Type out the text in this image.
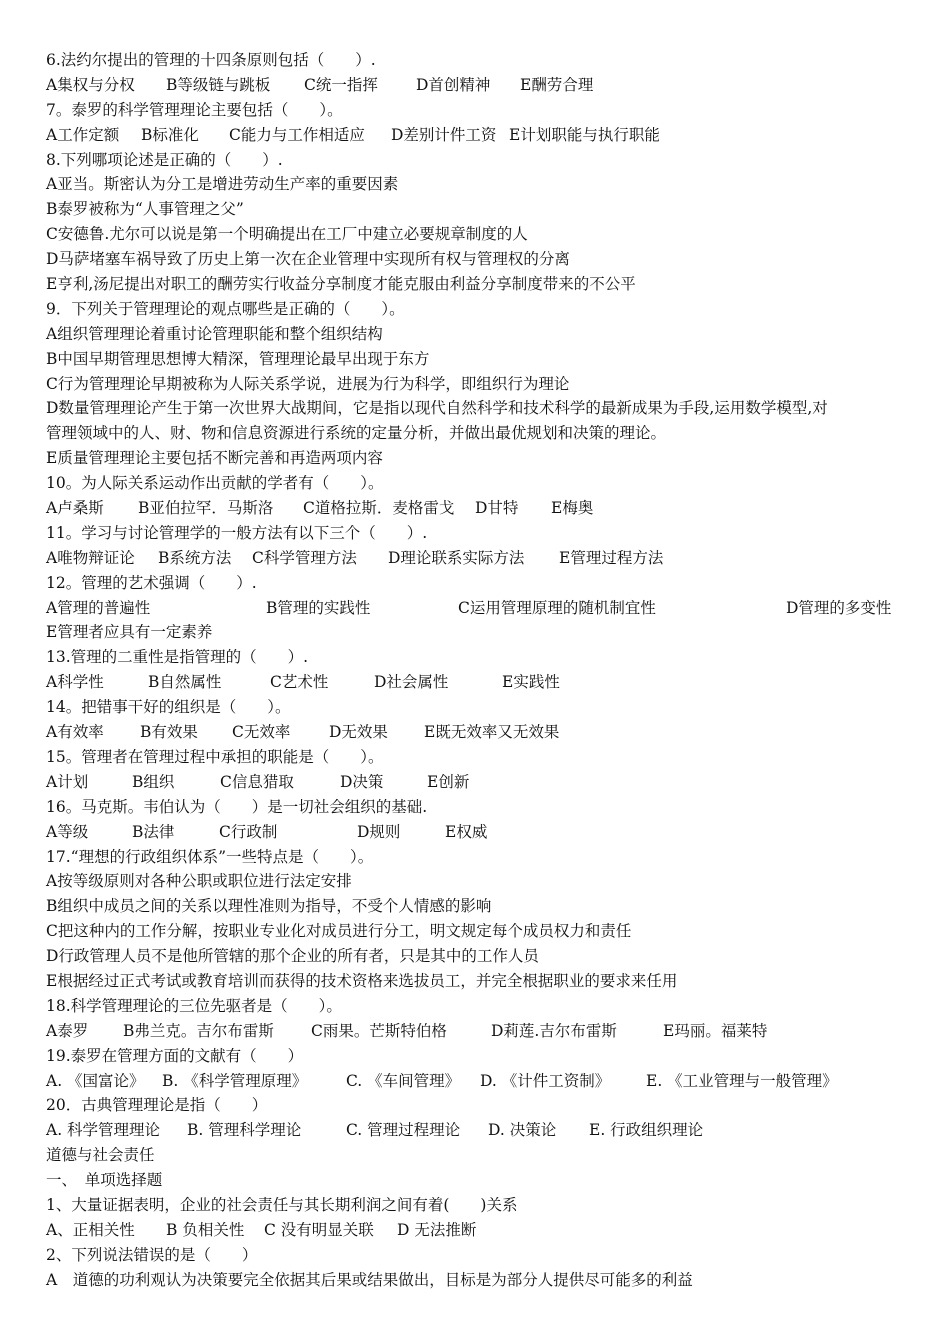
6.法约尔提出的管理的十四条原则包括（　　）.
A集权与分权	B等级链与跳板	C统一指挥	D首创精神	E酬劳合理
7。泰罗的科学管理理论主要包括（　　）。
A工作定额	B标准化	C能力与工作相适应	D差别计件工资 E计划职能与执行职能
8.下列哪项论述是正确的（　　）.
A亚当。斯密认为分工是增进劳动生产率的重要因素
B泰罗被称为“人事管理之父”
C安德鲁.尤尔可以说是第一个明确提出在工厂中建立必要规章制度的人
D马萨堵塞车祸导致了历史上第一次在企业管理中实现所有权与管理权的分离
E亨利,汤尼提出对职工的酬劳实行收益分享制度才能克服由利益分享制度带来的不公平
9．下列关于管理理论的观点哪些是正确的（　　）。
A组织管理理论着重讨论管理职能和整个组织结构
B中国早期管理思想博大精深，管理理论最早出现于东方
C行为管理理论早期被称为人际关系学说，进展为行为科学，即组织行为理论
D数量管理理论产生于第一次世界大战期间，它是指以现代自然科学和技术科学的最新成果为手段,运用数学模型,对
管理领域中的人、财、物和信息资源进行系统的定量分析，并做出最优规划和决策的理论。
E质量管理理论主要包括不断完善和再造两项内容
10。为人际关系运动作出贡献的学者有（　　）。
A卢桑斯	B亚伯拉罕．马斯洛	C道格拉斯．麦格雷戈	D甘特	E梅奥
11。学习与讨论管理学的一般方法有以下三个（　　）.
A唯物辩证论	B系统方法	C科学管理方法	D理论联系实际方法	E管理过程方法
12。管理的艺术强调（　　）.
A管理的普遍性	B管理的实践性	C运用管理原理的随机制宜性	D管理的多变性
E管理者应具有一定素养
13.管理的二重性是指管理的（　　）.
A科学性	B自然属性	C艺术性	D社会属性	E实践性
14。把错事干好的组织是（　　）。
A有效率	B有效果	C无效率	D无效果	E既无效率又无效果
15。管理者在管理过程中承担的职能是（　　）。
A计划	B组织	C信息猎取	D决策	E创新
16。马克斯。韦伯认为（　　）是一切社会组织的基础.
A等级	B法律	C行政制	D规则	E权威
17.“理想的行政组织体系”一些特点是（　　）。
A按等级原则对各种公职或职位进行法定安排
B组织中成员之间的关系以理性准则为指导，不受个人情感的影响
C把这种内的工作分解，按职业专业化对成员进行分工，明文规定每个成员权力和责任
D行政管理人员不是他所管辖的那个企业的所有者，只是其中的工作人员
E根据经过正式考试或教育培训而获得的技术资格来选拔员工，并完全根据职业的要求来任用
18.科学管理理论的三位先驱者是（　　）。
A泰罗	B弗兰克。吉尔布雷斯	C雨果。芒斯特伯格	D莉莲.吉尔布雷斯	E玛丽。福莱特
19.泰罗在管理方面的文献有（　　）
A. 《国富论》	B. 《科学管理原理》	C. 《车间管理》	D. 《计件工资制》	E. 《工业管理与一般管理》
20．古典管理理论是指（　　）
A. 科学管理理论	B. 管理科学理论	C. 管理过程理论	D. 决策论	E. 行政组织理论
道德与社会责任
一、　单项选择题
1、大量证据表明，企业的社会责任与其长期利润之间有着(　　)关系
A、正相关性	B 负相关性	C 没有明显关联	D 无法推断
2、下列说法错误的是（　　）
A　道德的功利观认为决策要完全依据其后果或结果做出，目标是为部分人提供尽可能多的利益
